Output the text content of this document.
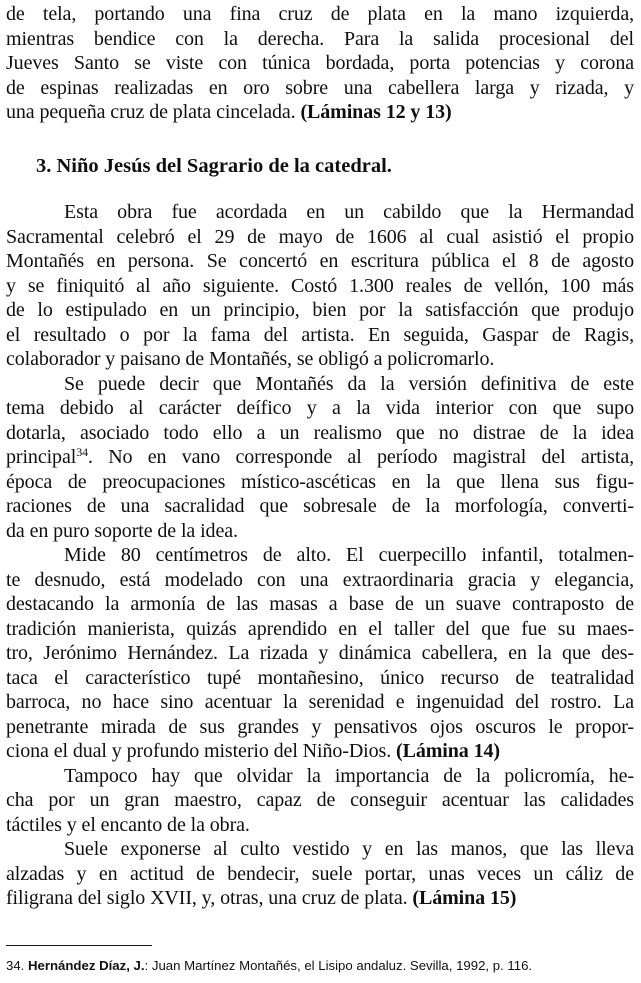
de tela, portando una fina cruz de plata en la mano izquierda,
mientras bendice con la derecha. Para la salida procesional del
Jueves Santo se viste con túnica bordada, porta potencias y corona
de espinas realizadas en oro sobre una cabellera larga y rizada, y
una pequeña cruz de plata cincelada. (Láminas 12 y 13)
3. Niño Jesús del Sagrario de la catedral.
Esta obra fue acordada en un cabildo que la Hermandad
Sacramental celebró el 29 de mayo de 1606 al cual asistió el propio
Montañés en persona. Se concertó en escritura pública el 8 de agosto
y se finiquitó al año siguiente. Costó 1.300 reales de vellón, 100 más
de lo estipulado en un principio, bien por la satisfacción que produjo
el resultado o por la fama del artista. En seguida, Gaspar de Ragis,
colaborador y paisano de Montañés, se obligó a policromarlo.
Se puede decir que Montañés da la versión definitiva de este
tema debido al carácter deífico y a la vida interior con que supo
dotarla, asociado todo ello a un realismo que no distrae de la idea
principal$^{34}$. No en vano corresponde al período magistral del artista,
época de preocupaciones místico-ascéticas en la que llena sus figu-
raciones de una sacralidad que sobresale de la morfología, converti-
da en puro soporte de la idea.
Mide 80 centímetros de alto. El cuerpecillo infantil, totalmen-
te desnudo, está modelado con una extraordinaria gracia y elegancia,
destacando la armonía de las masas a base de un suave contraposto de
tradición manierista, quizás aprendido en el taller del que fue su maes-
tro, Jerónimo Hernández. La rizada y dinámica cabellera, en la que des-
taca el característico tupé montañesino, único recurso de teatralidad
barroca, no hace sino acentuar la serenidad e ingenuidad del rostro. La
penetrante mirada de sus grandes y pensativos ojos oscuros le propor-
ciona el dual y profundo misterio del Niño-Dios. (Lámina 14)
Tampoco hay que olvidar la importancia de la policromía, he-
cha por un gran maestro, capaz de conseguir acentuar las calidades
táctiles y el encanto de la obra.
Suele exponerse al culto vestido y en las manos, que las lleva
alzadas y en actitud de bendecir, suele portar, unas veces un cáliz de
filigrana del siglo XVII, y, otras, una cruz de plata. (Lámina 15)
34. Hernández Díaz, J.: Juan Martínez Montañés, el Lisipo andaluz. Sevilla, 1992, p. 116.
